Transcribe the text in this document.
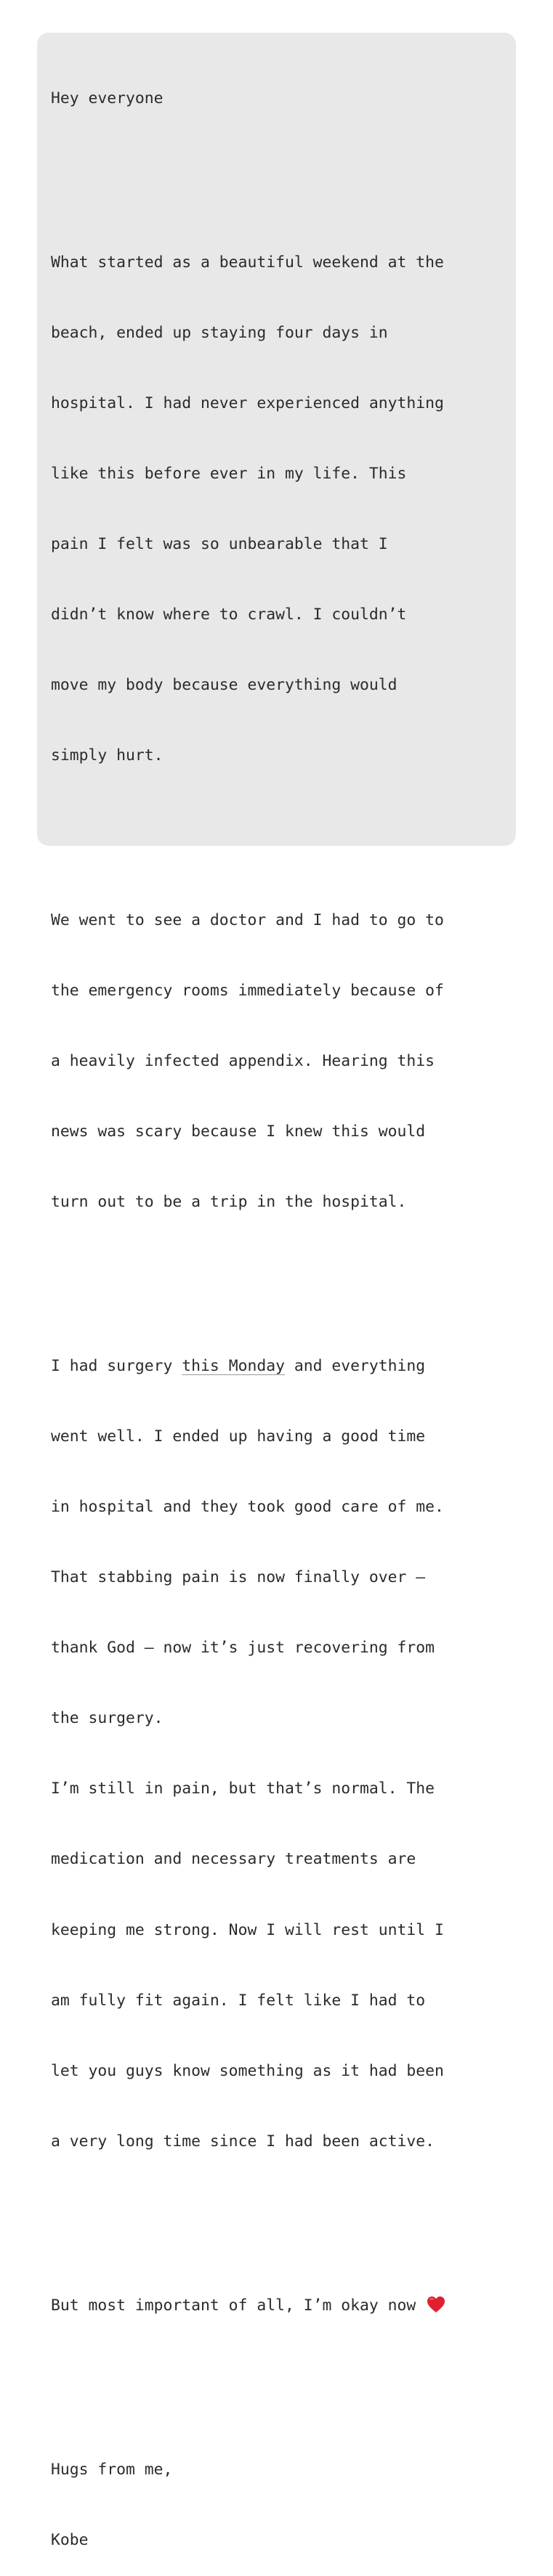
Hey everyone

What started as a beautiful weekend at the

beach, ended up staying four days in

hospital. I had never experienced anything

like this before ever in my life. This

pain I felt was so unbearable that I

didn’t know where to crawl. I couldn’t

move my body because everything would

simply hurt.

We went to see a doctor and I had to go to

the emergency rooms immediately because of

a heavily infected appendix. Hearing this

news was scary because I knew this would

turn out to be a trip in the hospital.

I had surgery this Monday and everything

went well. I ended up having a good time

in hospital and they took good care of me.

That stabbing pain is now finally over –

thank God – now it’s just recovering from

the surgery.

I’m still in pain, but that’s normal. The

medication and necessary treatments are

keeping me strong. Now I will rest until I

am fully fit again. I felt like I had to

let you guys know something as it had been

a very long time since I had been active.

But most important of all, I’m okay now

Hugs from me,

Kobe
